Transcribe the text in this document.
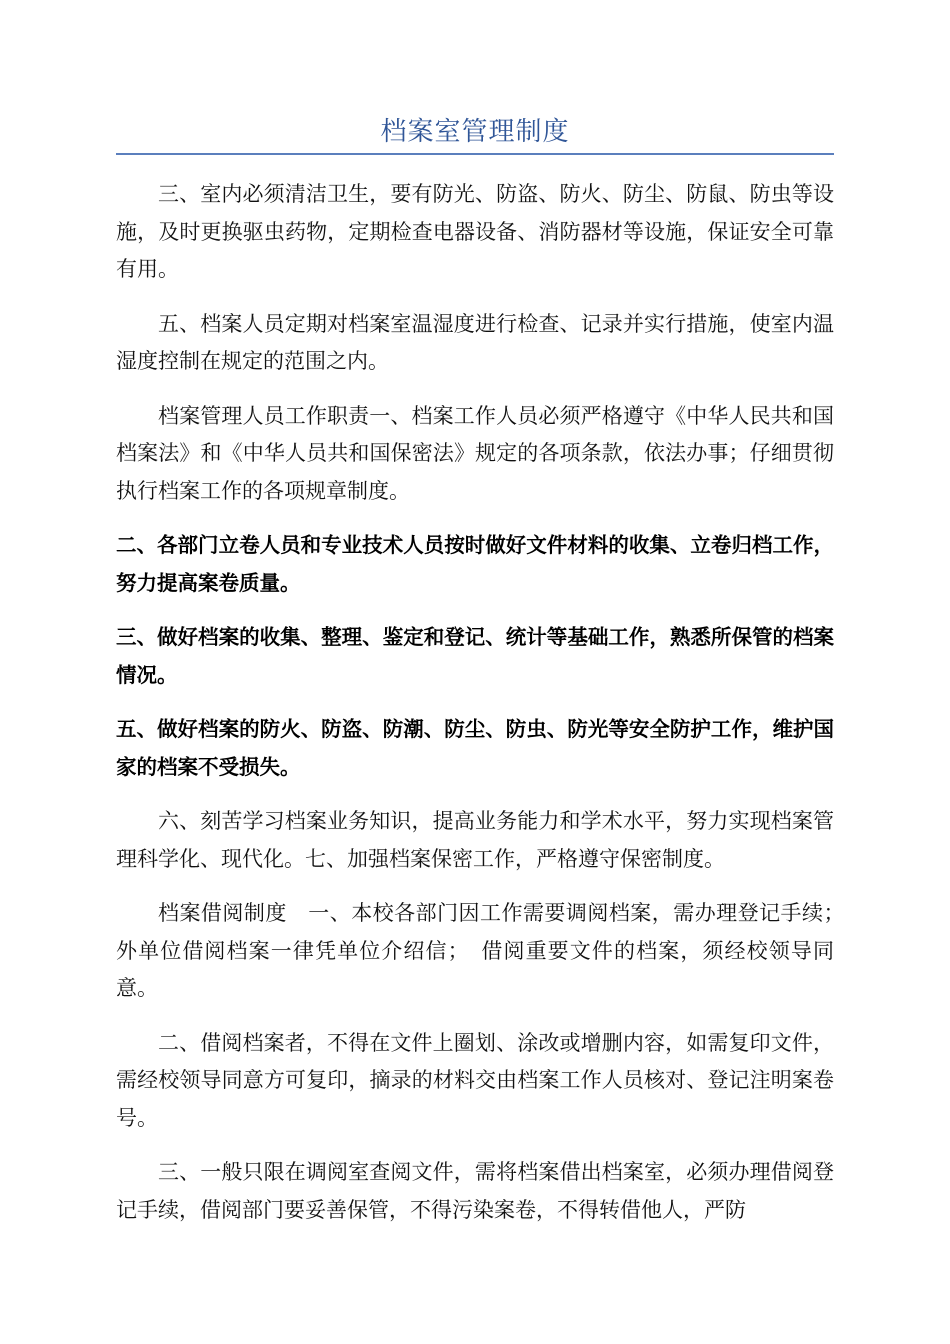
档案室管理制度

三、室内必须清洁卫生，要有防光、防盗、防火、防尘、防鼠、防虫等设施，及时更换驱虫药物，定期检查电器设备、消防器材等设施，保证安全可靠有用。

五、档案人员定期对档案室温湿度进行检查、记录并实行措施，使室内温湿度控制在规定的范围之内。

档案管理人员工作职责一、档案工作人员必须严格遵守《中华人民共和国档案法》和《中华人员共和国保密法》规定的各项条款，依法办事；仔细贯彻执行档案工作的各项规章制度。

二、各部门立卷人员和专业技术人员按时做好文件材料的收集、立卷归档工作，努力提高案卷质量。

三、做好档案的收集、整理、鉴定和登记、统计等基础工作，熟悉所保管的档案情况。

五、做好档案的防火、防盗、防潮、防尘、防虫、防光等安全防护工作，维护国家的档案不受损失。

六、刻苦学习档案业务知识，提高业务能力和学术水平，努力实现档案管理科学化、现代化。七、加强档案保密工作，严格遵守保密制度。

档案借阅制度　一、本校各部门因工作需要调阅档案，需办理登记手续；　外单位借阅档案一律凭单位介绍信；　借阅重要文件的档案，须经校领导同意。

二、借阅档案者，不得在文件上圈划、涂改或增删内容，如需复印文件，需经校领导同意方可复印，摘录的材料交由档案工作人员核对、登记注明案卷号。

三、一般只限在调阅室查阅文件，需将档案借出档案室，必须办理借阅登记手续，借阅部门要妥善保管，不得污染案卷，不得转借他人，严防
